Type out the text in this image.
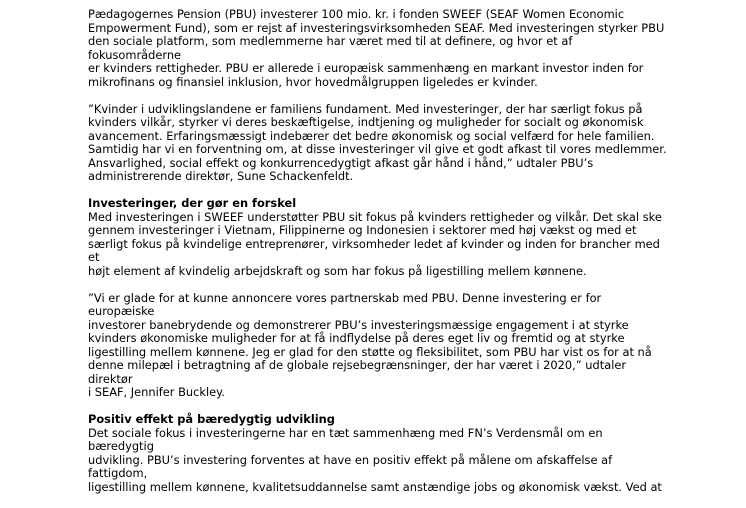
Pædagogernes Pension (PBU) investerer 100 mio. kr. i fonden SWEEF (SEAF Women Economic
Empowerment Fund), som er rejst af investeringsvirksomheden SEAF. Med investeringen styrker PBU
den sociale platform, som medlemmerne har været med til at definere, og hvor et af fokusområderne
er kvinders rettigheder. PBU er allerede i europæisk sammenhæng en markant investor inden for
mikrofinans og finansiel inklusion, hvor hovedmålgruppen ligeledes er kvinder.

”Kvinder i udviklingslandene er familiens fundament. Med investeringer, der har særligt fokus på
kvinders vilkår, styrker vi deres beskæftigelse, indtjening og muligheder for socialt og økonomisk
avancement. Erfaringsmæssigt indebærer det bedre økonomisk og social velfærd for hele familien.
Samtidig har vi en forventning om, at disse investeringer vil give et godt afkast til vores medlemmer.
Ansvarlighed, social effekt og konkurrencedygtigt afkast går hånd i hånd,” udtaler PBU’s
administrerende direktør, Sune Schackenfeldt.

Investeringer, der gør en forskel

Med investeringen i SWEEF understøtter PBU sit fokus på kvinders rettigheder og vilkår. Det skal ske
gennem investeringer i Vietnam, Filippinerne og Indonesien i sektorer med høj vækst og med et
særligt fokus på kvindelige entreprenører, virksomheder ledet af kvinder og inden for brancher med et
højt element af kvindelig arbejdskraft og som har fokus på ligestilling mellem kønnene.

”Vi er glade for at kunne annoncere vores partnerskab med PBU. Denne investering er for europæiske
investorer banebrydende og demonstrerer PBU’s investeringsmæssige engagement i at styrke
kvinders økonomiske muligheder for at få indflydelse på deres eget liv og fremtid og at styrke
ligestilling mellem kønnene. Jeg er glad for den støtte og fleksibilitet, som PBU har vist os for at nå
denne milepæl i betragtning af de globale rejsebegrænsninger, der har været i 2020,” udtaler direktør
i SEAF, Jennifer Buckley.

Positiv effekt på bæredygtig udvikling

Det sociale fokus i investeringerne har en tæt sammenhæng med FN’s Verdensmål om en bæredygtig
udvikling. PBU’s investering forventes at have en positiv effekt på målene om afskaffelse af fattigdom,
ligestilling mellem kønnene, kvalitetsuddannelse samt anstændige jobs og økonomisk vækst. Ved at
